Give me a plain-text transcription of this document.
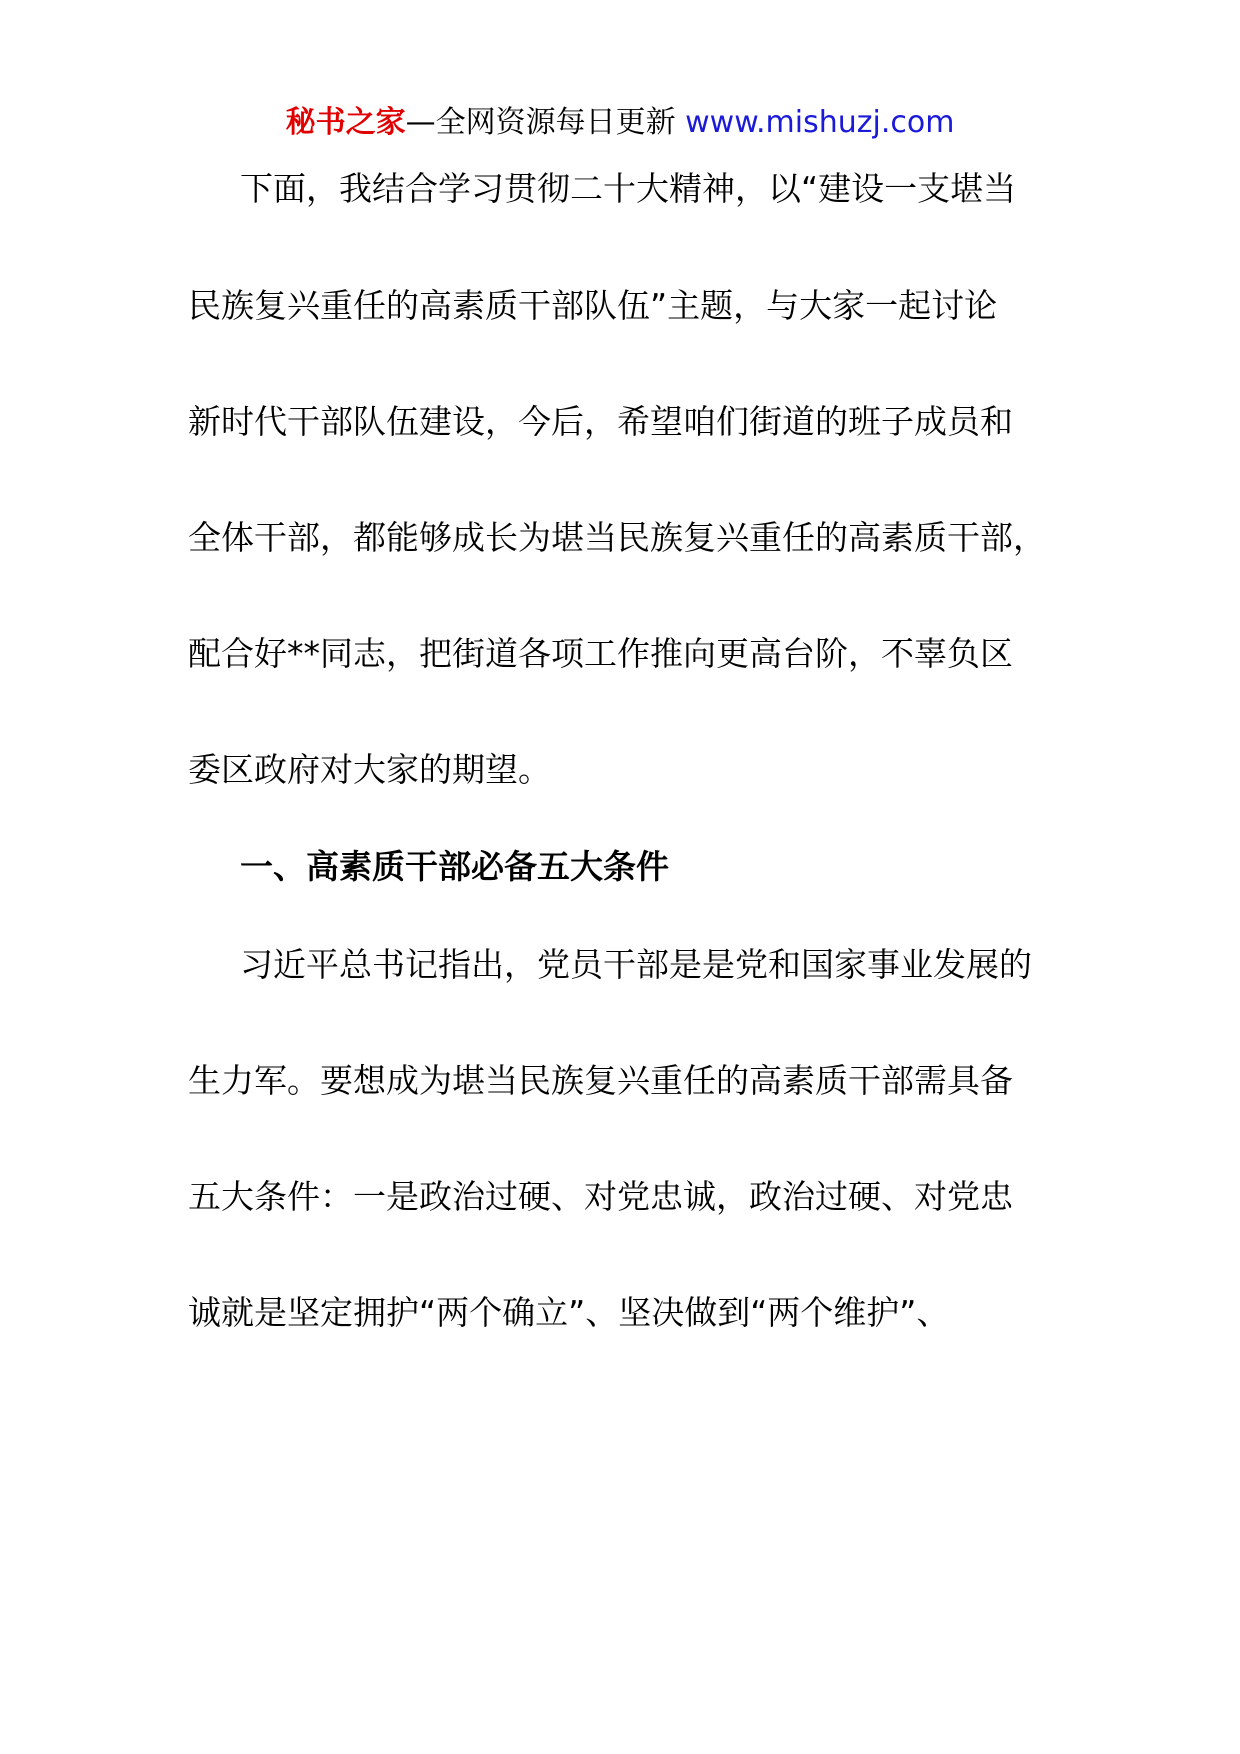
秘书之家—全网资源每日更新 www.mishuzj.com
下面，我结合学习贯彻二十大精神，以“建设一支堪当
民族复兴重任的高素质干部队伍”主题，与大家一起讨论
新时代干部队伍建设，今后，希望咱们街道的班子成员和
全体干部，都能够成长为堪当民族复兴重任的高素质干部，
配合好**同志，把街道各项工作推向更高台阶，不辜负区
委区政府对大家的期望。
一、高素质干部必备五大条件
习近平总书记指出，党员干部是是党和国家事业发展的
生力军。要想成为堪当民族复兴重任的高素质干部需具备
五大条件：一是政治过硬、对党忠诚，政治过硬、对党忠
诚就是坚定拥护“两个确立”、坚决做到“两个维护”、
